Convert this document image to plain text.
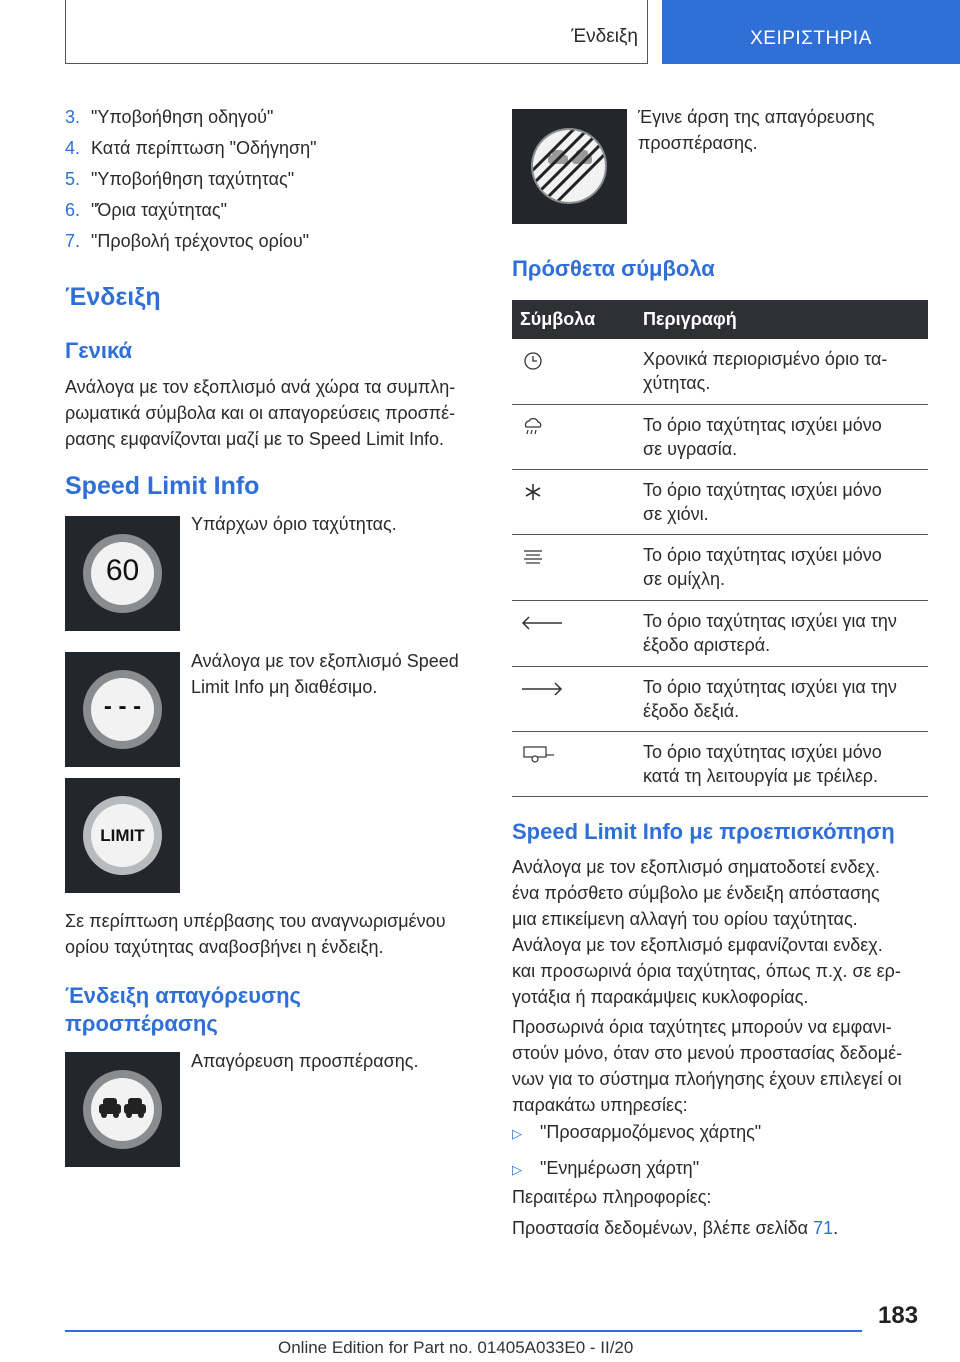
Ένδειξη	ΧΕΙΡΙΣΤΗΡΙΑ
3. "Υποβοήθηση οδηγού"
4. Κατά περίπτωση "Οδήγηση"
5. "Υποβοήθηση ταχύτητας"
6. "Όρια ταχύτητας"
7. "Προβολή τρέχοντος ορίου"
Ένδειξη
Γενικά
Ανάλογα με τον εξοπλισμό ανά χώρα τα συμπλη-
ρωματικά σύμβολα και οι απαγορεύσεις προσπέ-
ρασης εμφανίζονται μαζί με το Speed Limit Info.
Speed Limit Info
60
Υπάρχων όριο ταχύτητας.
- - -
Ανάλογα με τον εξοπλισμό Speed
Limit Info μη διαθέσιμο.
LIMIT
Σε περίπτωση υπέρβασης του αναγνωρισμένου
ορίου ταχύτητας αναβοσβήνει η ένδειξη.
Ένδειξη απαγόρευσης
προσπέρασης
Απαγόρευση προσπέρασης.
Έγινε άρση της απαγόρευσης
προσπέρασης.
Πρόσθετα σύμβολα
Σύμβολα	Περιγραφή
Χρονικά περιορισμένο όριο τα-
χύτητας.
Το όριο ταχύτητας ισχύει μόνο
σε υγρασία.
Το όριο ταχύτητας ισχύει μόνο
σε χιόνι.
Το όριο ταχύτητας ισχύει μόνο
σε ομίχλη.
Το όριο ταχύτητας ισχύει για την
έξοδο αριστερά.
Το όριο ταχύτητας ισχύει για την
έξοδο δεξιά.
Το όριο ταχύτητας ισχύει μόνο
κατά τη λειτουργία με τρέιλερ.
Speed Limit Info με προεπισκόπηση
Ανάλογα με τον εξοπλισμό σηματοδοτεί ενδεχ.
ένα πρόσθετο σύμβολο με ένδειξη απόστασης
μια επικείμενη αλλαγή του ορίου ταχύτητας.
Ανάλογα με τον εξοπλισμό εμφανίζονται ενδεχ.
και προσωρινά όρια ταχύτητας, όπως π.χ. σε ερ-
γοτάξια ή παρακάμψεις κυκλοφορίας.
Προσωρινά όρια ταχύτητες μπορούν να εμφανι-
στούν μόνο, όταν στο μενού προστασίας δεδομέ-
νων για το σύστημα πλοήγησης έχουν επιλεγεί οι
παρακάτω υπηρεσίες:
▷ "Προσαρμοζόμενος χάρτης"
▷ "Ενημέρωση χάρτη"
Περαιτέρω πληροφορίες:
Προστασία δεδομένων, βλέπε σελίδα 71.
183
Online Edition for Part no. 01405A033E0 - II/20
